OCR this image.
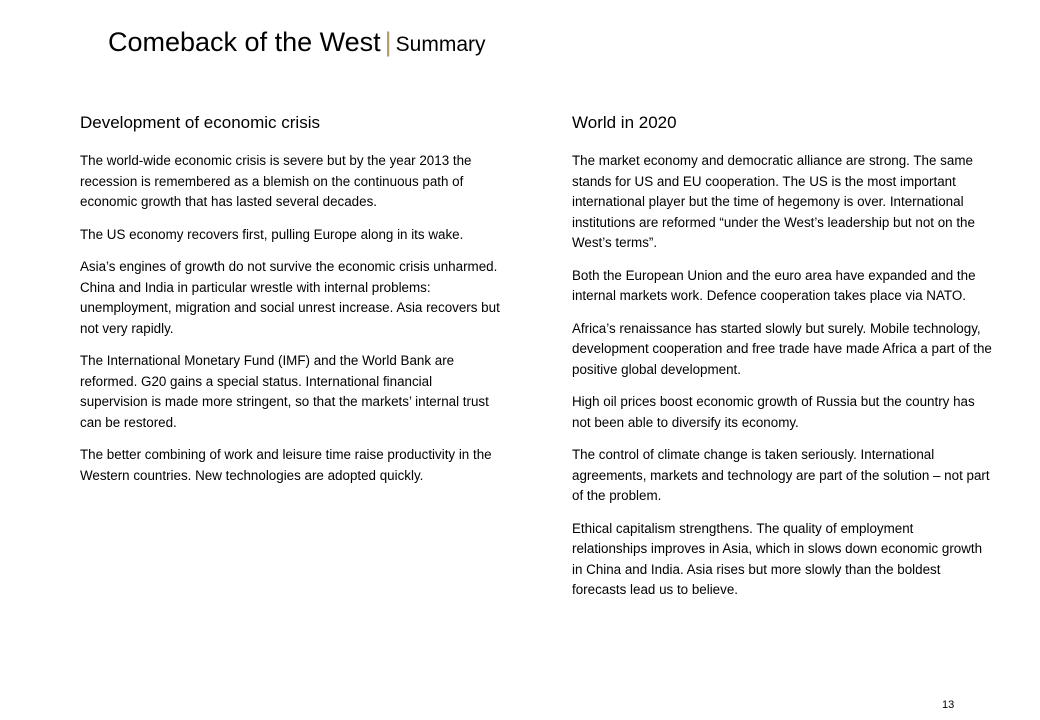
Comeback of the West | Summary
Development of economic crisis

The world-wide economic crisis is severe but by the year 2013 the recession is remembered as a blemish on the continuous path of economic growth that has lasted several decades.

The US economy recovers first, pulling Europe along in its wake.

Asia’s engines of growth do not survive the economic crisis unharmed. China and India in particular wrestle with internal problems: unemployment, migration and social unrest increase. Asia recovers but not very rapidly.

The International Monetary Fund (IMF) and the World Bank are reformed. G20 gains a special status. International financial supervision is made more stringent, so that the markets’ internal trust can be restored.

The better combining of work and leisure time raise productivity in the Western countries. New technologies are adopted quickly.

World in 2020

The market economy and democratic alliance are strong. The same stands for US and EU cooperation. The US is the most important international player but the time of hegemony is over. International institutions are reformed “under the West’s leadership but not on the West’s terms”.

Both the European Union and the euro area have expanded and the internal markets work. Defence cooperation takes place via NATO.

Africa’s renaissance has started slowly but surely. Mobile technology, development cooperation and free trade have made Africa a part of the positive global development.

High oil prices boost economic growth of Russia but the country has not been able to diversify its economy.

The control of climate change is taken seriously. International agreements, markets and technology are part of the solution – not part of the problem.

Ethical capitalism strengthens. The quality of employment relationships improves in Asia, which in slows down economic growth in China and India. Asia rises but more slowly than the boldest forecasts lead us to believe.

13
